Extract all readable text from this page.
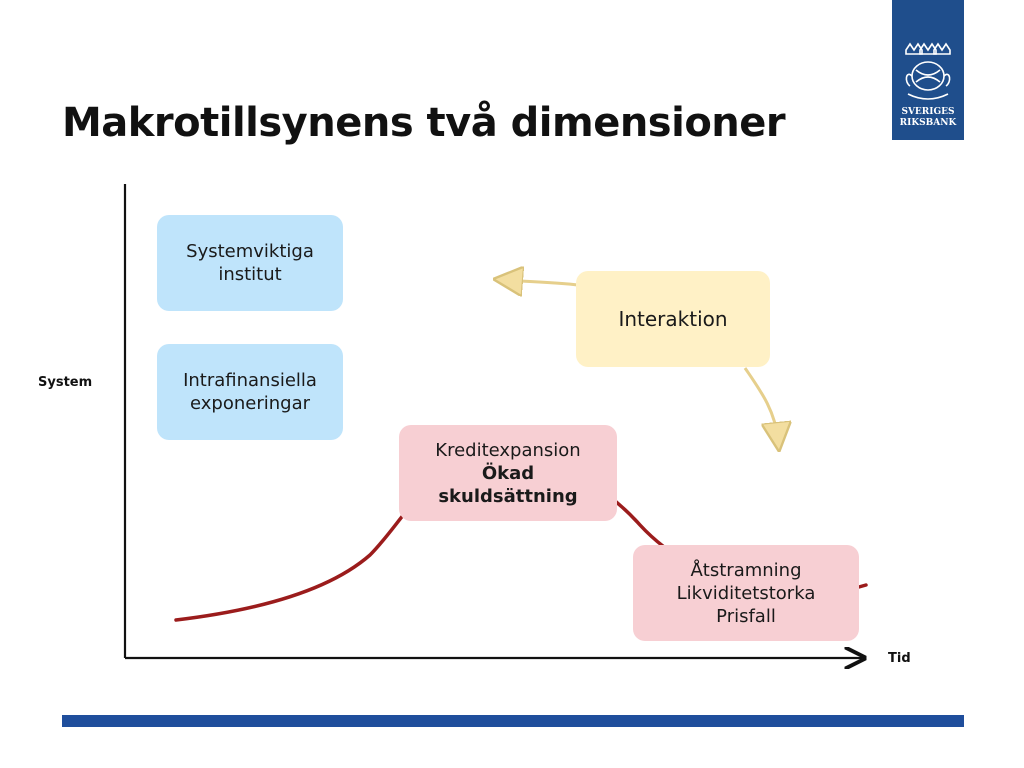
Makrotillsynens två dimensioner	SVERIGES
RIKSBANK
Systemviktiga
institut
Intrafinansiella
exponeringar
Interaktion
Kreditexpansion
Ökad
skuldsättning
Åtstramning
Likviditetstorka
Prisfall
System
Tid
